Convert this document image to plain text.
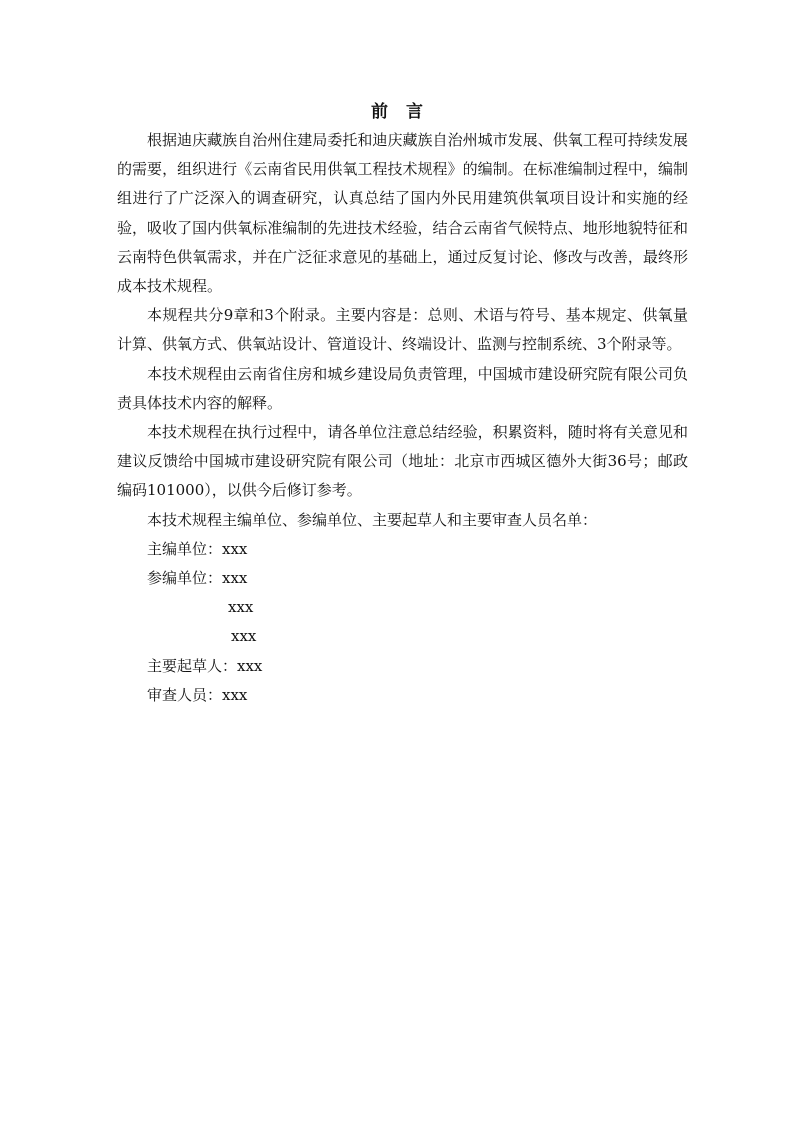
前 言

根据迪庆藏族自治州住建局委托和迪庆藏族自治州城市发展、供氧工程可持续发展的需要，组织进行《云南省民用供氧工程技术规程》的编制。在标准编制过程中，编制组进行了广泛深入的调查研究，认真总结了国内外民用建筑供氧项目设计和实施的经验，吸收了国内供氧标准编制的先进技术经验，结合云南省气候特点、地形地貌特征和云南特色供氧需求，并在广泛征求意见的基础上，通过反复讨论、修改与改善，最终形成本技术规程。

本规程共分9章和3个附录。主要内容是：总则、术语与符号、基本规定、供氧量计算、供氧方式、供氧站设计、管道设计、终端设计、监测与控制系统、3个附录等。

本技术规程由云南省住房和城乡建设局负责管理，中国城市建设研究院有限公司负责具体技术内容的解释。

本技术规程在执行过程中，请各单位注意总结经验，积累资料，随时将有关意见和建议反馈给中国城市建设研究院有限公司（地址：北京市西城区德外大街36号；邮政编码101000），以供今后修订参考。

本技术规程主编单位、参编单位、主要起草人和主要审查人员名单：

主编单位：xxx

参编单位：xxx

xxx

xxx

主要起草人：xxx

审查人员：xxx
